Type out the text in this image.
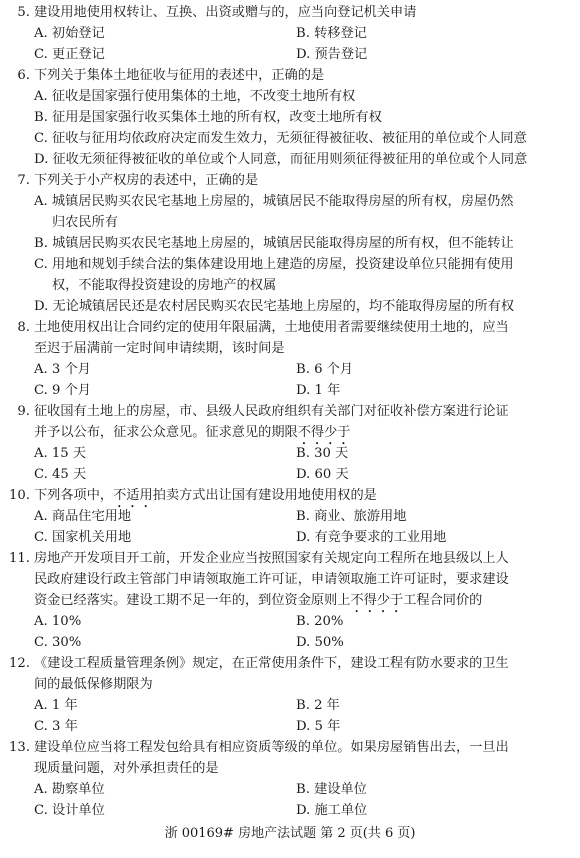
5. 建设用地使用权转让、互换、出资或赠与的，应当向登记机关申请
A. 初始登记	B. 转移登记
C. 更正登记	D. 预告登记
6. 下列关于集体土地征收与征用的表述中，正确的是
A. 征收是国家强行使用集体的土地，不改变土地所有权
B. 征用是国家强行收买集体土地的所有权，改变土地所有权
C. 征收与征用均依政府决定而发生效力，无须征得被征收、被征用的单位或个人同意
D. 征收无须征得被征收的单位或个人同意，而征用则须征得被征用的单位或个人同意
7. 下列关于小产权房的表述中，正确的是
A. 城镇居民购买农民宅基地上房屋的，城镇居民不能取得房屋的所有权，房屋仍然
归农民所有
B. 城镇居民购买农民宅基地上房屋的，城镇居民能取得房屋的所有权，但不能转让
C. 用地和规划手续合法的集体建设用地上建造的房屋，投资建设单位只能拥有使用
权，不能取得投资建设的房地产的权属
D. 无论城镇居民还是农村居民购买农民宅基地上房屋的，均不能取得房屋的所有权
8. 土地使用权出让合同约定的使用年限届满，土地使用者需要继续使用土地的，应当
至迟于届满前一定时间申请续期，该时间是
A. 3 个月	B. 6 个月
C. 9 个月	D. 1 年
9. 征收国有土地上的房屋，市、县级人民政府组织有关部门对征收补偿方案进行论证
并予以公布，征求公众意见。征求意见的期限不得少于
A. 15 天	B. 30 天
C. 45 天	D. 60 天
10. 下列各项中，不适用拍卖方式出让国有建设用地使用权的是
A. 商品住宅用地	B. 商业、旅游用地
C. 国家机关用地	D. 有竞争要求的工业用地
11. 房地产开发项目开工前，开发企业应当按照国家有关规定向工程所在地县级以上人
民政府建设行政主管部门申请领取施工许可证，申请领取施工许可证时，要求建设
资金已经落实。建设工期不足一年的，到位资金原则上不得少于工程合同价的
A. 10%	B. 20%
C. 30%	D. 50%
12. 《建设工程质量管理条例》规定，在正常使用条件下，建设工程有防水要求的卫生
间的最低保修期限为
A. 1 年	B. 2 年
C. 3 年	D. 5 年
13. 建设单位应当将工程发包给具有相应资质等级的单位。如果房屋销售出去，一旦出
现质量问题，对外承担责任的是
A. 勘察单位	B. 建设单位
C. 设计单位	D. 施工单位
浙 00169# 房地产法试题 第 2 页(共 6 页)
